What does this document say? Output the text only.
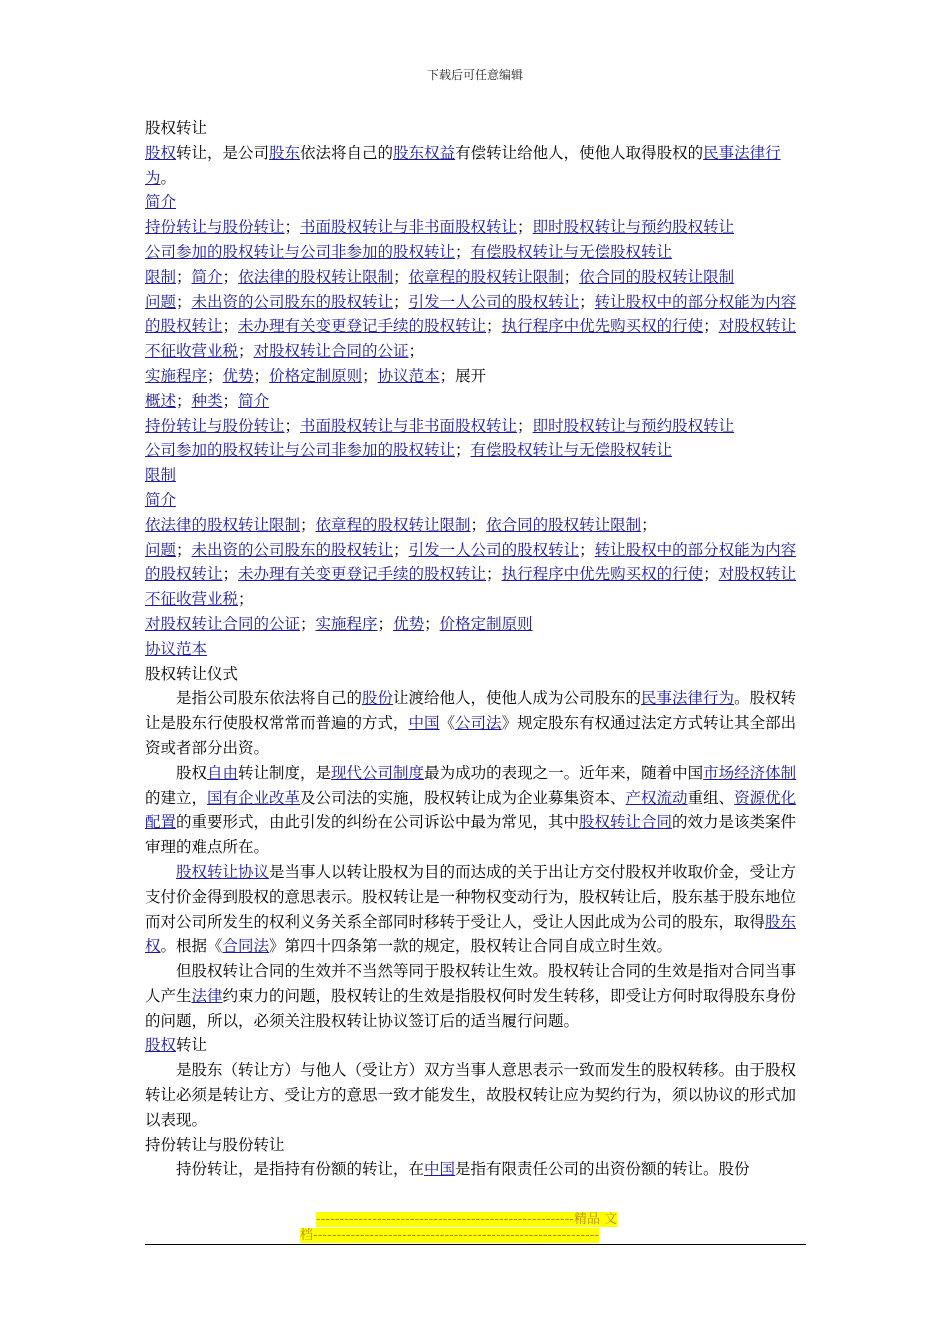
下载后可任意编辑

股权转让

股权转让，是公司股东依法将自己的股东权益有偿转让给他人，使他人取得股权的民事法律行为。

简介

持份转让与股份转让；书面股权转让与非书面股权转让；即时股权转让与预约股权转让

公司参加的股权转让与公司非参加的股权转让；有偿股权转让与无偿股权转让

限制；简介；依法律的股权转让限制；依章程的股权转让限制；依合同的股权转让限制

问题；未出资的公司股东的股权转让；引发一人公司的股权转让；转让股权中的部分权能为内容的股权转让；未办理有关变更登记手续的股权转让；执行程序中优先购买权的行使；对股权转让不征收营业税；对股权转让合同的公证；

实施程序；优势；价格定制原则；协议范本；展开

概述；种类；简介

持份转让与股份转让；书面股权转让与非书面股权转让；即时股权转让与预约股权转让

公司参加的股权转让与公司非参加的股权转让；有偿股权转让与无偿股权转让

限制

简介

依法律的股权转让限制；依章程的股权转让限制；依合同的股权转让限制；

问题；未出资的公司股东的股权转让；引发一人公司的股权转让；转让股权中的部分权能为内容的股权转让；未办理有关变更登记手续的股权转让；执行程序中优先购买权的行使；对股权转让不征收营业税；

对股权转让合同的公证；实施程序；优势；价格定制原则

协议范本

股权转让仪式

是指公司股东依法将自己的股份让渡给他人，使他人成为公司股东的民事法律行为。股权转让是股东行使股权常常而普遍的方式，中国《公司法》规定股东有权通过法定方式转让其全部出资或者部分出资。

股权自由转让制度，是现代公司制度最为成功的表现之一。近年来，随着中国市场经济体制的建立，国有企业改革及公司法的实施，股权转让成为企业募集资本、产权流动重组、资源优化配置的重要形式，由此引发的纠纷在公司诉讼中最为常见，其中股权转让合同的效力是该类案件审理的难点所在。

股权转让协议是当事人以转让股权为目的而达成的关于出让方交付股权并收取价金，受让方支付价金得到股权的意思表示。股权转让是一种物权变动行为，股权转让后，股东基于股东地位而对公司所发生的权利义务关系全部同时移转于受让人，受让人因此成为公司的股东，取得股东权。根据《合同法》第四十四条第一款的规定，股权转让合同自成立时生效。

但股权转让合同的生效并不当然等同于股权转让生效。股权转让合同的生效是指对合同当事人产生法律约束力的问题，股权转让的生效是指股权何时发生转移，即受让方何时取得股东身份的问题，所以，必须关注股权转让协议签订后的适当履行问题。

股权转让

是股东（转让方）与他人（受让方）双方当事人意思表示一致而发生的股权转移。由于股权转让必须是转让方、受让方的意思一致才能发生，故股权转让应为契约行为，须以协议的形式加以表现。

持份转让与股份转让

持份转让，是指持有份额的转让，在中国是指有限责任公司的出资份额的转让。股份

-------------------------------------------------------精品 文
档-------------------------------------------------------------
